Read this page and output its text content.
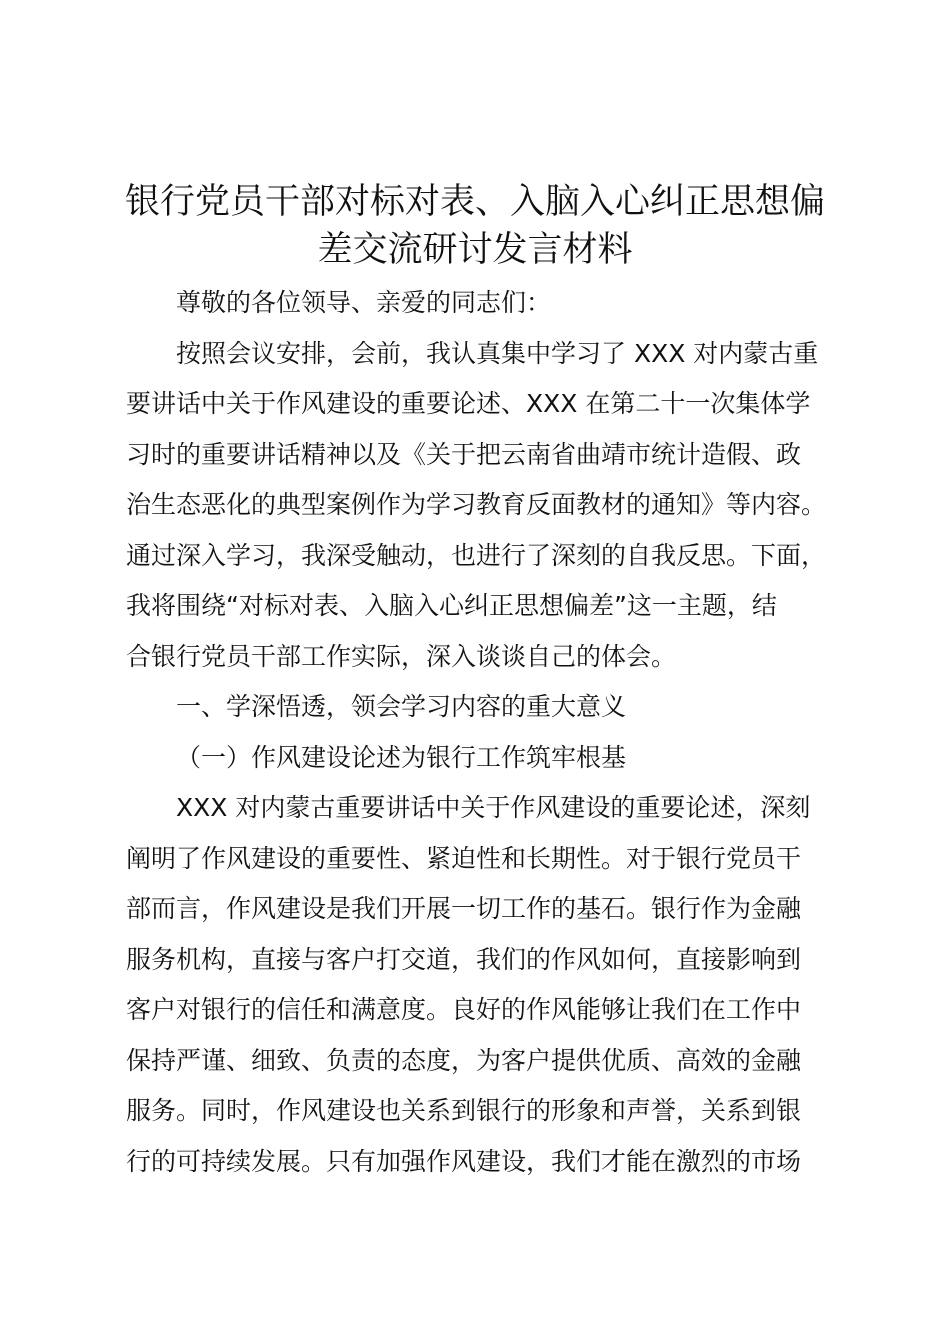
银行党员干部对标对表、入脑入心纠正思想偏
差交流研讨发言材料
尊敬的各位领导、亲爱的同志们：
按照会议安排，会前，我认真集中学习了 XXX 对内蒙古重
要讲话中关于作风建设的重要论述、XXX 在第二十一次集体学
习时的重要讲话精神以及《关于把云南省曲靖市统计造假、政
治生态恶化的典型案例作为学习教育反面教材的通知》等内容。
通过深入学习，我深受触动，也进行了深刻的自我反思。下面，
我将围绕“对标对表、入脑入心纠正思想偏差”这一主题，结
合银行党员干部工作实际，深入谈谈自己的体会。
一、学深悟透，领会学习内容的重大意义
（一）作风建设论述为银行工作筑牢根基
XXX 对内蒙古重要讲话中关于作风建设的重要论述，深刻
阐明了作风建设的重要性、紧迫性和长期性。对于银行党员干
部而言，作风建设是我们开展一切工作的基石。银行作为金融
服务机构，直接与客户打交道，我们的作风如何，直接影响到
客户对银行的信任和满意度。良好的作风能够让我们在工作中
保持严谨、细致、负责的态度，为客户提供优质、高效的金融
服务。同时，作风建设也关系到银行的形象和声誉，关系到银
行的可持续发展。只有加强作风建设，我们才能在激烈的市场
